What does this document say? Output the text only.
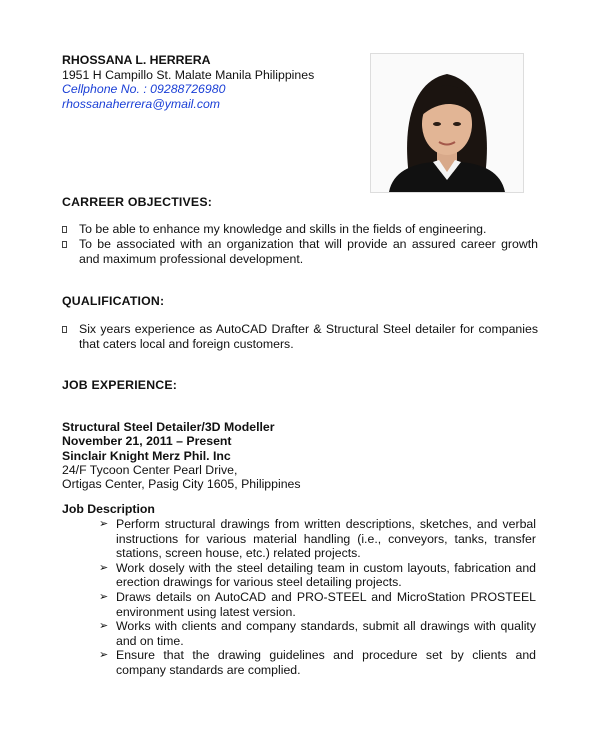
RHOSSANA L. HERRERA
1951 H Campillo St. Malate Manila Philippines
Cellphone No. : 09288726980
rhossanaherrera@ymail.com
CARREER OBJECTIVES:
To be able to enhance my knowledge and skills in the fields of engineering.
To be associated with an organization that will provide an assured career growth and maximum professional development.
QUALIFICATION:
Six years experience as AutoCAD Drafter & Structural Steel detailer for companies that caters local and foreign customers.
JOB EXPERIENCE:
Structural Steel Detailer/3D Modeller
November 21, 2011 – Present
Sinclair Knight Merz Phil. Inc
24/F Tycoon Center Pearl Drive,
Ortigas Center, Pasig City 1605, Philippines
Job Description
➢ Perform structural drawings from written descriptions, sketches, and verbal instructions for various material handling (i.e., conveyors, tanks, transfer stations, screen house, etc.) related projects.
➢ Work dosely with the steel detailing team in custom layouts, fabrication and erection drawings for various steel detailing projects.
➢ Draws details on AutoCAD and PRO-STEEL and MicroStation PROSTEEL environment using latest version.
➢ Works with clients and company standards, submit all drawings with quality and on time.
➢ Ensure that the drawing guidelines and procedure set by clients and company standards are complied.
